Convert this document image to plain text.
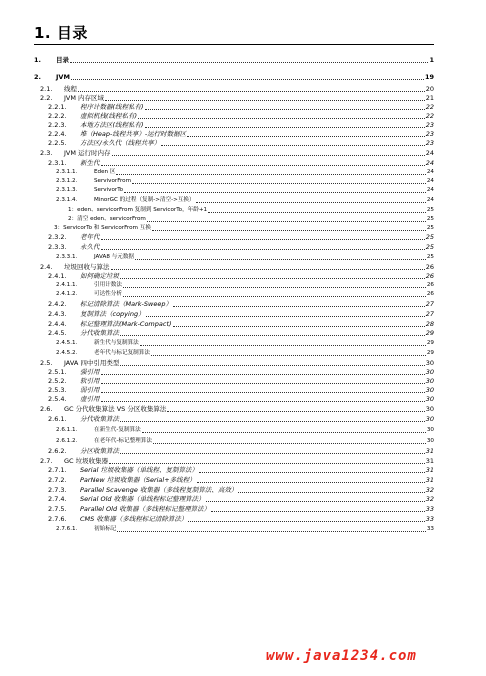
1. 目录
1.	目录	1
2.	JVM	19
2.1.	线程	20
2.2.	JVM 内存区域	21
2.2.1.	程序计数器(线程私有)	22
2.2.2.	虚拟机栈(线程私有)	22
2.2.3.	本地方法区(线程私有)	23
2.2.4.	堆（Heap-线程共享）-运行时数据区	23
2.2.5.	方法区/永久代（线程共享）	23
2.3.	JVM 运行时内存	24
2.3.1.	新生代	24
2.3.1.1.	Eden 区	24
2.3.1.2.	ServivorFrom	24
2.3.1.3.	ServivorTo	24
2.3.1.4.	MinorGC 的过程（复制->清空->互换）	24
1：eden、servicorFrom 复制到 ServicorTo，年龄+1	25
2：清空 eden、servicorFrom	25
3：ServicorTo 和 ServicorFrom 互换	25
2.3.2.	老年代	25
2.3.3.	永久代	25
2.3.3.1.	JAVA8 与元数据	25
2.4.	垃圾回收与算法	26
2.4.1.	如何确定垃圾	26
2.4.1.1.	引用计数法	26
2.4.1.2.	可达性分析	26
2.4.2.	标记清除算法（Mark-Sweep）	27
2.4.3.	复制算法（copying）	27
2.4.4.	标记整理算法(Mark-Compact)	28
2.4.5.	分代收集算法	29
2.4.5.1.	新生代与复制算法	29
2.4.5.2.	老年代与标记复制算法	29
2.5.	JAVA 四中引用类型	30
2.5.1.	强引用	30
2.5.2.	软引用	30
2.5.3.	弱引用	30
2.5.4.	虚引用	30
2.6.	GC 分代收集算法 VS 分区收集算法	30
2.6.1.	分代收集算法	30
2.6.1.1.	在新生代-复制算法	30
2.6.1.2.	在老年代-标记整理算法	30
2.6.2.	分区收集算法	31
2.7.	GC 垃圾收集器	31
2.7.1.	Serial 垃圾收集器（单线程、复制算法）	31
2.7.2.	ParNew 垃圾收集器（Serial+多线程）	31
2.7.3.	Parallel Scavenge 收集器（多线程复制算法、高效）	32
2.7.4.	Serial Old 收集器（单线程标记整理算法）	32
2.7.5.	Parallel Old 收集器（多线程标记整理算法）	33
2.7.6.	CMS 收集器（多线程标记清除算法）	33
2.7.6.1.	初始标记	33
www.java1234.com
